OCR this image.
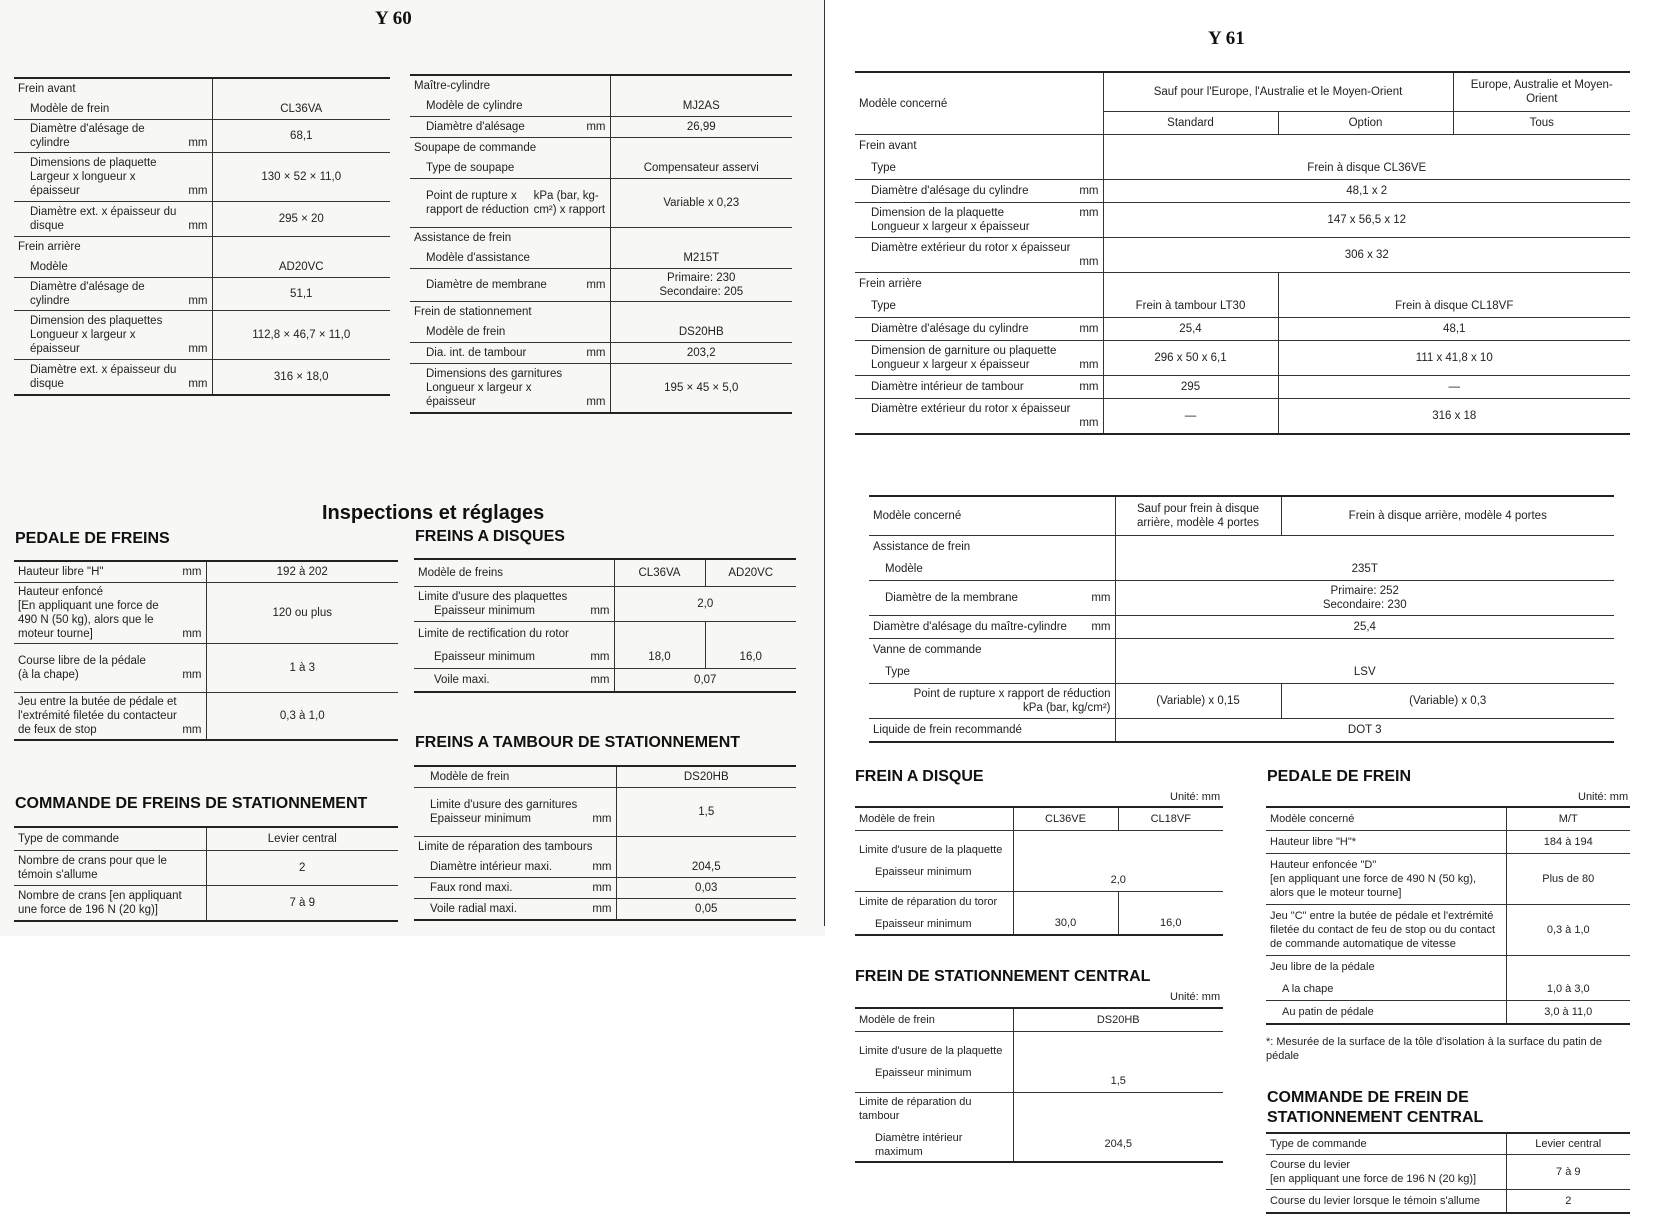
Y 60
Frein avant	

Modèle de frein	CL36VA

Diamètre d'alésage de cylindre mm	68,1

Dimensions de plaquette
Largeur x longueur x épaisseur mm	130 × 52 × 11,0

Diamètre ext. x épaisseur du disque mm	295 × 20

Frein arrière	

Modèle	AD20VC

Diamètre d'alésage de cylindre mm	51,1

Dimension des plaquettes
Longueur x largeur x épaisseur mm	112,8 × 46,7 × 11,0

Diamètre ext. x épaisseur du disque mm	316 × 18,0
Maître-cylindre	

Modèle de cylindre	MJ2AS

Diamètre d'alésage mm	26,99

Soupape de commande	

Type de soupape	Compensateur asservi

Point de rupture x rapport de réduction
kPa (bar, kg-cm²) x rapport	Variable x 0,23

Assistance de frein	

Modèle d'assistance	M215T

Diamètre de membrane mm	Primaire: 230
Secondaire: 205

Frein de stationnement	

Modèle de frein	DS20HB

Dia. int. de tambour mm	203,2

Dimensions des garnitures
Longueur x largeur x épaisseur mm	195 × 45 × 5,0
Inspections et réglages
PEDALE DE FREINS
Hauteur libre "H" mm	192 à 202

Hauteur enfoncé
[En appliquant une force de 490 N (50 kg), alors que le moteur tourne] mm	120 ou plus

Course libre de la pédale
(à la chape) mm	1 à 3

Jeu entre la butée de pédale et l'extrémité filetée du contacteur de feux de stop mm	0,3 à 1,0
COMMANDE DE FREINS DE STATIONNEMENT
Type de commande	Levier central
Nombre de crans pour que le témoin s'allume	2
Nombre de crans [en appliquant une force de 196 N (20 kg)]	7 à 9
FREINS A DISQUES
Modèle de freins	CL36VA	AD20VC

Limite d'usure des plaquettes
Epaisseur minimum mm	2,0	
Limite de rectification du rotor		

Epaisseur minimum mm	18,0	16,0

Voile maxi. mm	0,07	
FREINS A TAMBOUR DE STATIONNEMENT
Modèle de frein	DS20HB

Limite d'usure des garnitures
Epaisseur minimum mm	1,5

Limite de réparation des tambours	

Diamètre intérieur maxi. mm	204,5

Faux rond maxi. mm	0,03

Voile radial maxi. mm	0,05
Y 61
Modèle concerné	Sauf pour l'Europe, l'Australie et le Moyen-Orient		Europe, Australie et Moyen-Orient
	Standard	Option	Tous
Frein avant			
Type	Frein à disque CL36VE		

Diamètre d'alésage du cylindre mm	48,1 x 2		

Dimension de la plaquette
Longueur x largeur x épaisseur
mm	147 x 56,5 x 12		

Diamètre extérieur du rotor x épaisseur
mm	306 x 32		
Frein arrière			
Type	Frein à tambour LT30	Frein à disque CL18VF	

Diamètre d'alésage du cylindre mm	25,4	48,1	

Dimension de garniture ou plaquette
Longueur x largeur x épaisseur mm	296 x 50 x 6,1	111 x 41,8 x 10	

Diamètre intérieur de tambour mm	295	—	

Diamètre extérieur du rotor x épaisseur
mm	—	316 x 18	
Modèle concerné	Sauf pour frein à disque arrière, modèle 4 portes	Frein à disque arrière, modèle 4 portes
Assistance de frein		
Modèle	235T	

Diamètre de la membrane mm	Primaire: 252
Secondaire: 230	

Diamètre d'alésage du maître-cylindre mm	25,4	
Vanne de commande		
Type	LSV	

Point de rupture x rapport de réduction
kPa (bar, kg/cm²)	(Variable) x 0,15	(Variable) x 0,3
Liquide de frein recommandé	DOT 3	
FREIN A DISQUE
Unité: mm
Modèle de frein	CL36VE	CL18VF

Limite d'usure de la plaquette
Epaisseur minimum	2,0	

Limite de réparation du toror
Epaisseur minimum	30,0	16,0
FREIN DE STATIONNEMENT CENTRAL
Unité: mm
Modèle de frein	DS20HB

Limite d'usure de la plaquette
Epaisseur minimum	1,5

Limite de réparation du tambour
Diamètre intérieur maximum	204,5
PEDALE DE FREIN
Unité: mm
Modèle concerné	M/T
Hauteur libre "H"*	184 à 194
Hauteur enfoncée "D"
[en appliquant une force de 490 N (50 kg), alors que le moteur tourne]	Plus de 80
Jeu "C" entre la butée de pédale et l'extrémité filetée du contact de feu de stop ou du contact de commande automatique de vitesse	0,3 à 1,0
Jeu libre de la pédale	
A la chape	1,0 à 3,0
Au patin de pédale	3,0 à 11,0
*: Mesurée de la surface de la tôle d'isolation à la surface du patin de pédale
COMMANDE DE FREIN DE
STATIONNEMENT CENTRAL
Type de commande	Levier central
Course du levier
[en appliquant une force de 196 N (20 kg)]	7 à 9
Course du levier lorsque le témoin s'allume	2
